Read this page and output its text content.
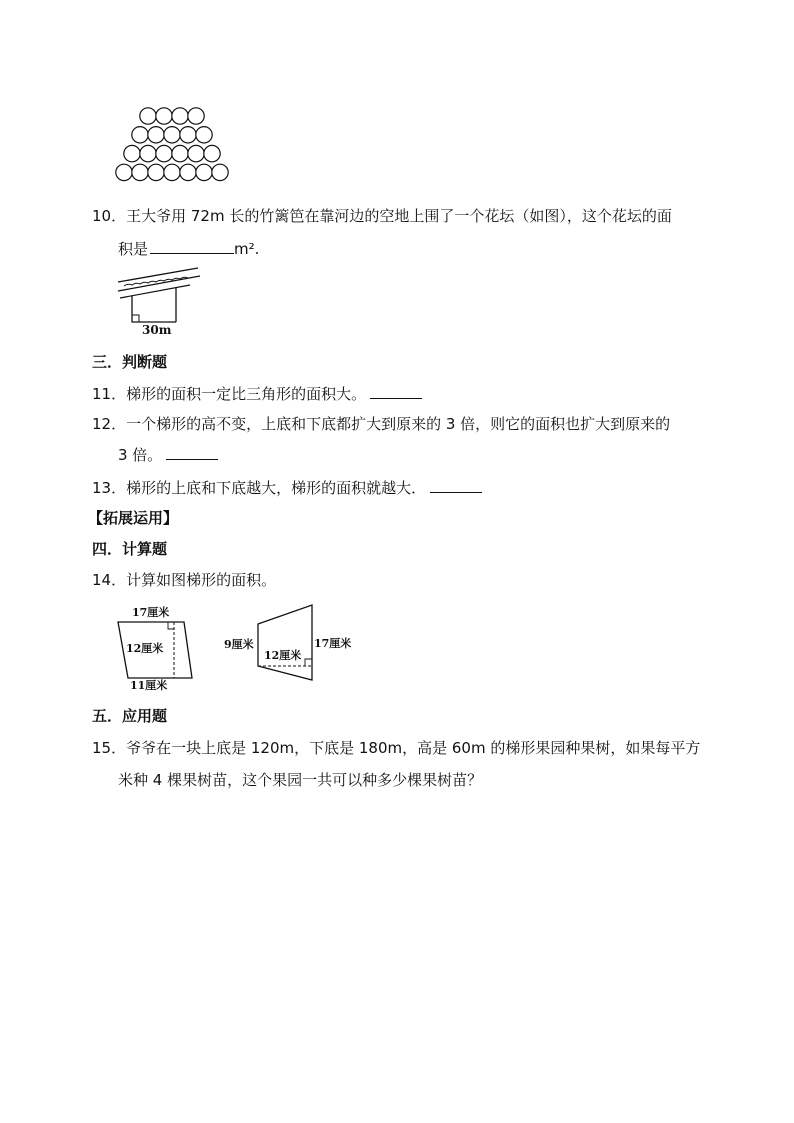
10．王大爷用 72m 长的竹篱笆在靠河边的空地上围了一个花坛（如图），这个花坛的面
积是	m².
30m
三．判断题
11．梯形的面积一定比三角形的面积大。
12．一个梯形的高不变，上底和下底都扩大到原来的 3 倍，则它的面积也扩大到原来的
3 倍。
13．梯形的上底和下底越大，梯形的面积就越大．
【拓展运用】
四．计算题
14．计算如图梯形的面积。
17厘米
12厘米
11厘米
9厘米	17厘米
12厘米
五．应用题
15．爷爷在一块上底是 120m，下底是 180m，高是 60m 的梯形果园种果树，如果每平方
米种 4 棵果树苗，这个果园一共可以种多少棵果树苗？
